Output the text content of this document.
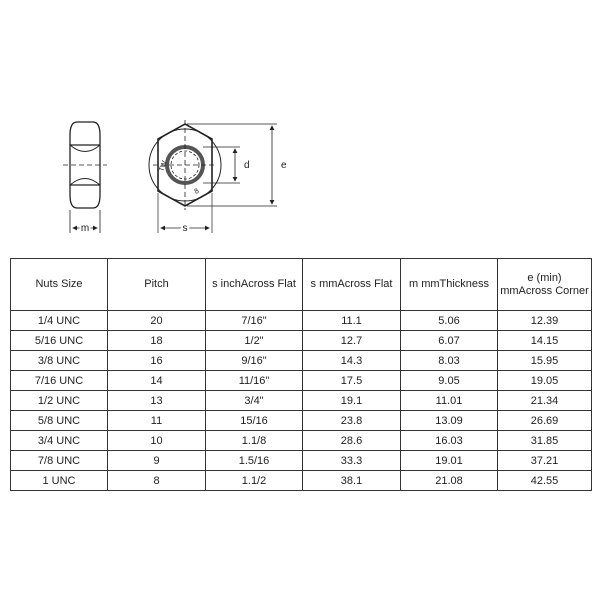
m
TW
8
d	e
s
Nuts Size	Pitch	s inchAcross Flat	s mmAcross Flat	m mmThickness	e (min) mmAcross Corner
1/4 UNC	20	7/16"	11.1	5.06	12.39
5/16 UNC	18	1/2"	12.7	6.07	14.15
3/8 UNC	16	9/16"	14.3	8.03	15.95
7/16 UNC	14	11/16"	17.5	9.05	19.05
1/2 UNC	13	3/4"	19.1	11.01	21.34
5/8 UNC	11	15/16	23.8	13.09	26.69
3/4 UNC	10	1.1/8	28.6	16.03	31.85
7/8 UNC	9	1.5/16	33.3	19.01	37.21
1 UNC	8	1.1/2	38.1	21.08	42.55
